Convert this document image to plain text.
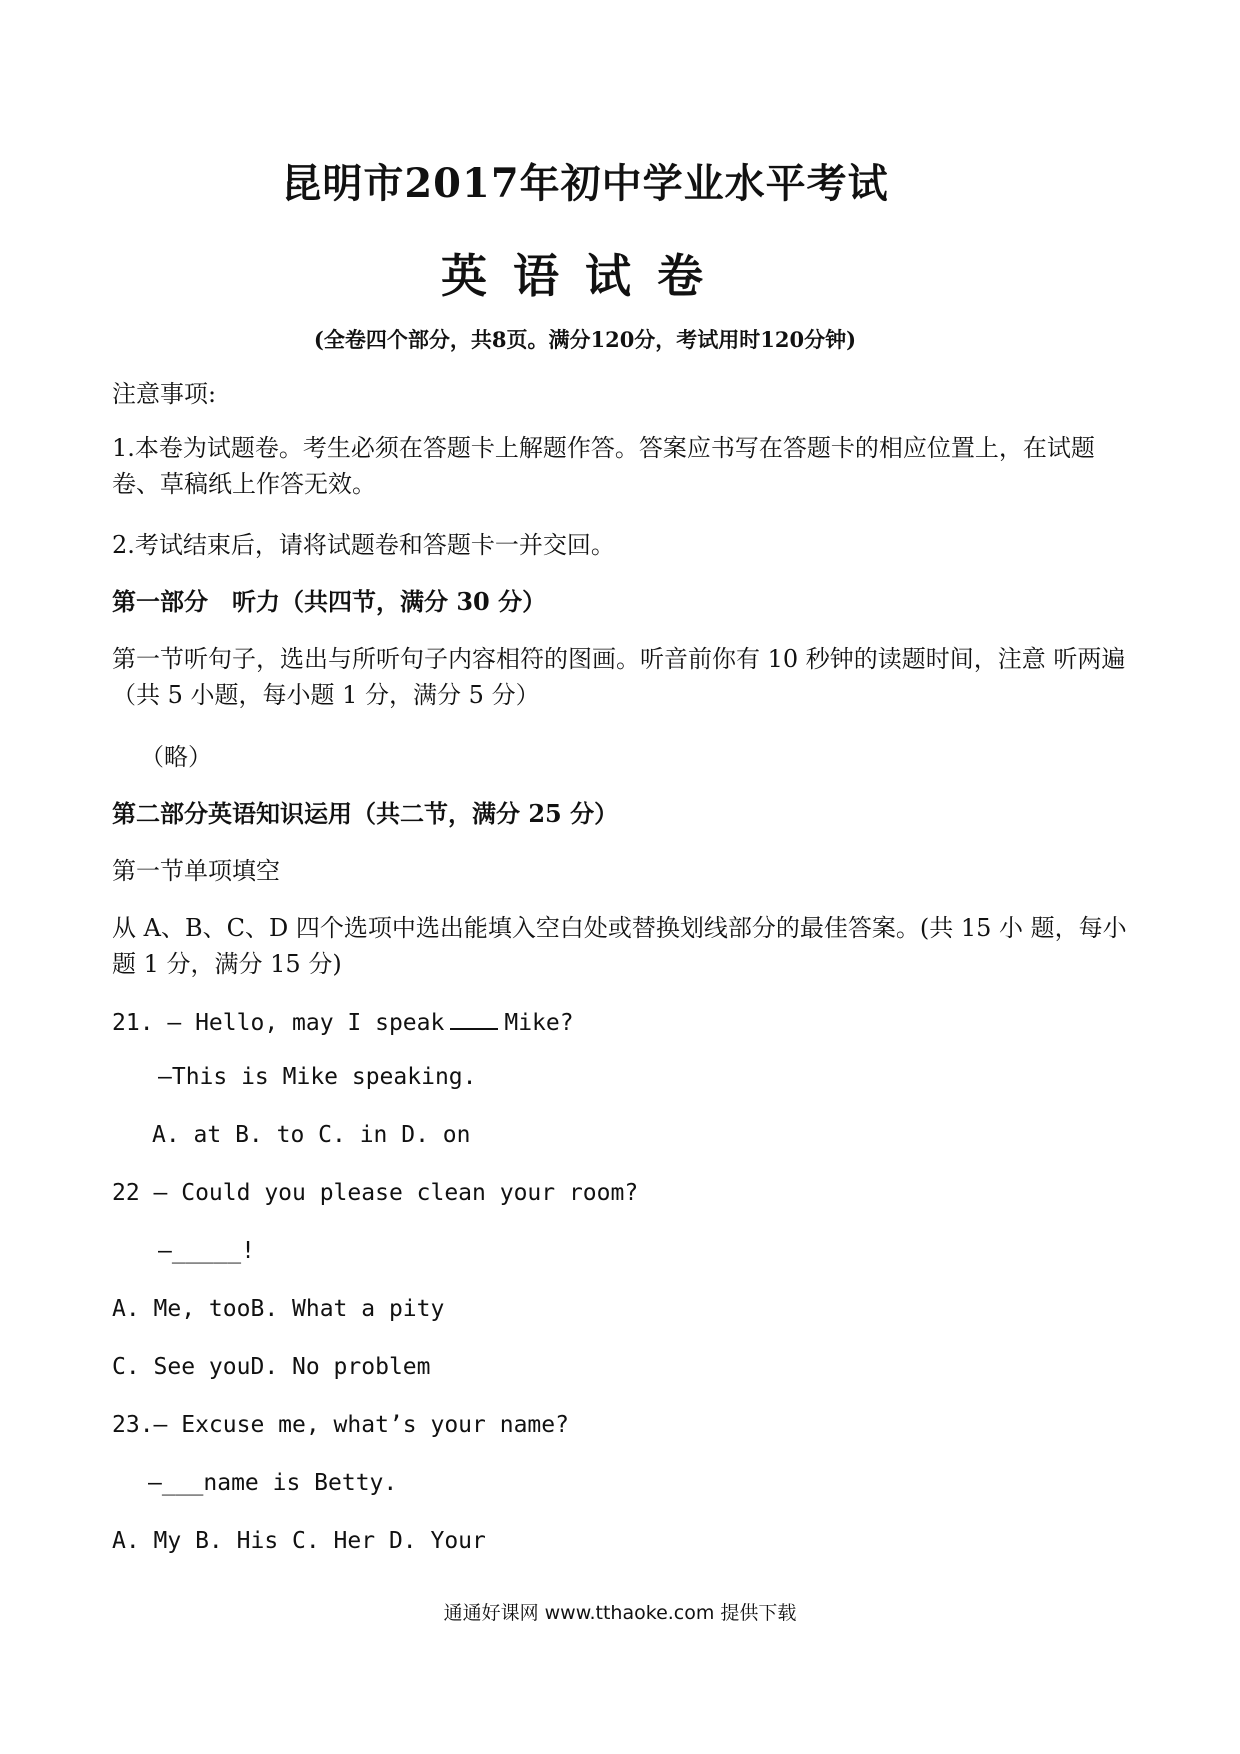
昆明市2017年初中学业水平考试
英语试卷
(全卷四个部分，共8页。满分120分，考试用时120分钟)
注意事项:
1.本卷为试题卷。考生必须在答题卡上解题作答。答案应书写在答题卡的相应位置上，在试题卷、草稿纸上作答无效。
2.考试结束后，请将试题卷和答题卡一并交回。
第一部分　听力（共四节，满分 30 分）
第一节听句子，选出与所听句子内容相符的图画。听音前你有 10 秒钟的读题时间，注意 听两遍（共 5 小题，每小题 1 分，满分 5 分）
（略）
第二部分英语知识运用（共二节，满分 25 分）
第一节单项填空
从 A、B、C、D 四个选项中选出能填入空白处或替换划线部分的最佳答案。(共 15 小 题，每小题 1 分，满分 15 分)
21. — Hello, may I speak	Mike?
—This is Mike speaking.
A. at B. to C. in D. on
22 — Could you please clean your room?
—_____!
A. Me, tooB. What a pity
C. See youD. No problem
23.— Excuse me, what’s your name?
—___name is Betty.
A. My B. His C. Her D. Your
通通好课网 www.tthaoke.com 提供下载
